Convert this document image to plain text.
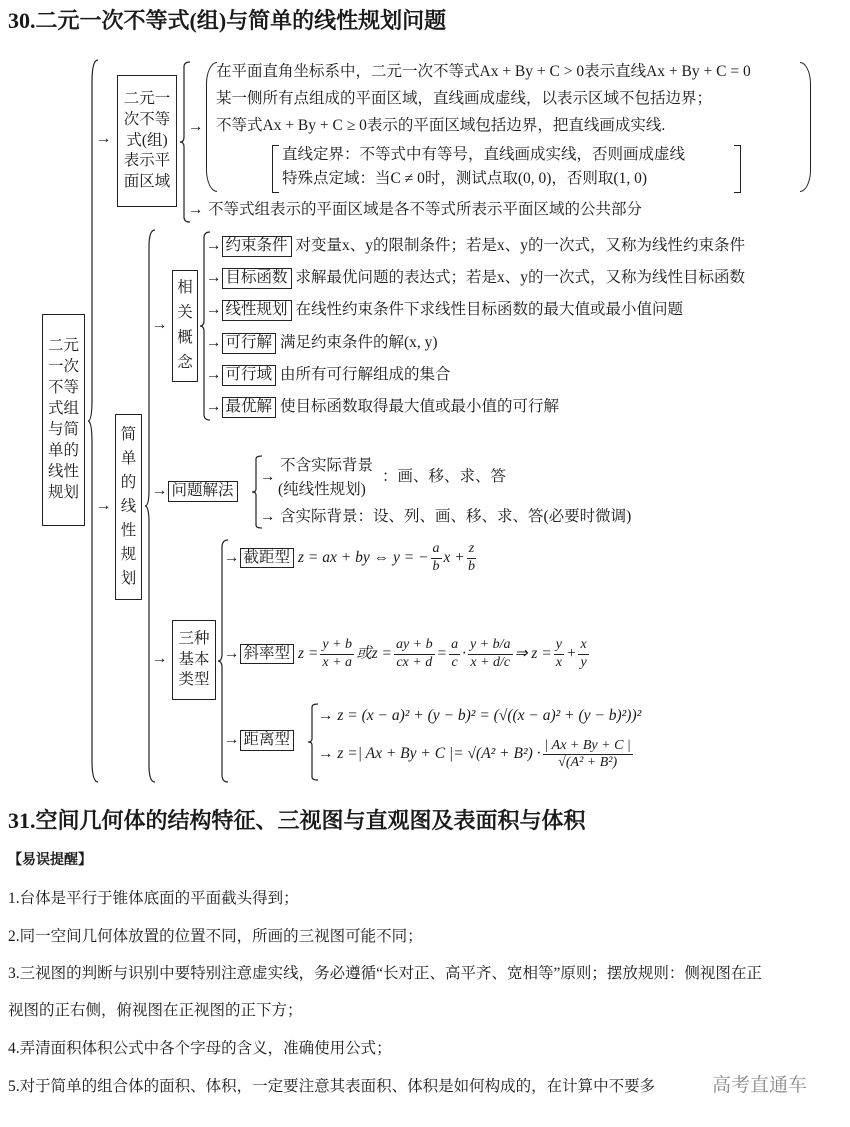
30.二元一次不等式(组)与简单的线性规划问题
二元
一次
不等
式组
与简
单的
线性
规划
→
二元一
次不等
式(组)
表示平
面区域
→
在平面直角坐标系中，二元一次不等式Ax + By + C > 0表示直线Ax + By + C = 0
某一侧所有点组成的平面区域，直线画成虚线，以表示区域不包括边界；
不等式Ax + By + C ≥ 0表示的平面区域包括边界，把直线画成实线.
直线定界：不等式中有等号，直线画成实线，否则画成虚线
特殊点定域：当C ≠ 0时，测试点取(0, 0)，否则取(1, 0)
→ 不等式组表示的平面区域是各不等式所表示平面区域的公共部分
→
简
单
的
线
性
规
划
→
相
关
概
念
→ 约束条件 对变量x、y的限制条件；若是x、y的一次式，又称为线性约束条件
→ 目标函数 求解最优问题的表达式；若是x、y的一次式，又称为线性目标函数
→ 线性规划 在线性约束条件下求线性目标函数的最大值或最小值问题
→ 可行解 满足约束条件的解(x, y)
→ 可行域 由所有可行解组成的集合
→ 最优解 使目标函数取得最大值或最小值的可行解
→ 问题解法
→
不含实际背景
(纯线性规划)
：画、移、求、答
→ 含实际背景：设、列、画、移、求、答(必要时微调)
→
三种
基本
类型
→ 截距型 z = ax + by ⇔ y = − $\frac{a}{b}$ $x + \frac{z}{b}$
→ 斜率型 $z = \frac{y + b}{x + a}$ 或$z = \frac{ay + b}{cx + d} = \frac{a}{c} \cdot \frac{y + b/a}{x + d/c}$ ⇒ $z = \frac{y}{x} + \frac{x}{y}$
→ 距离型
→ z = (x − a)² + (y − b)² = (√((x − a)² + (y − b)²))²
→ z =| Ax + By + C |= $√(A^2 + B^2) \cdot \frac{| Ax + By + C |}{\text{√(A² + B²)}}$
31.空间几何体的结构特征、三视图与直观图及表面积与体积
【易误提醒】
1.台体是平行于锥体底面的平面截头得到；
2.同一空间几何体放置的位置不同，所画的三视图可能不同；
3.三视图的判断与识别中要特别注意虚实线，务必遵循“长对正、高平齐、宽相等”原则；摆放规则：侧视图在正
视图的正右侧，俯视图在正视图的正下方；
4.弄清面积体积公式中各个字母的含义，准确使用公式；
5.对于简单的组合体的面积、体积，一定要注意其表面积、体积是如何构成的，在计算中不要多	高考直通车
